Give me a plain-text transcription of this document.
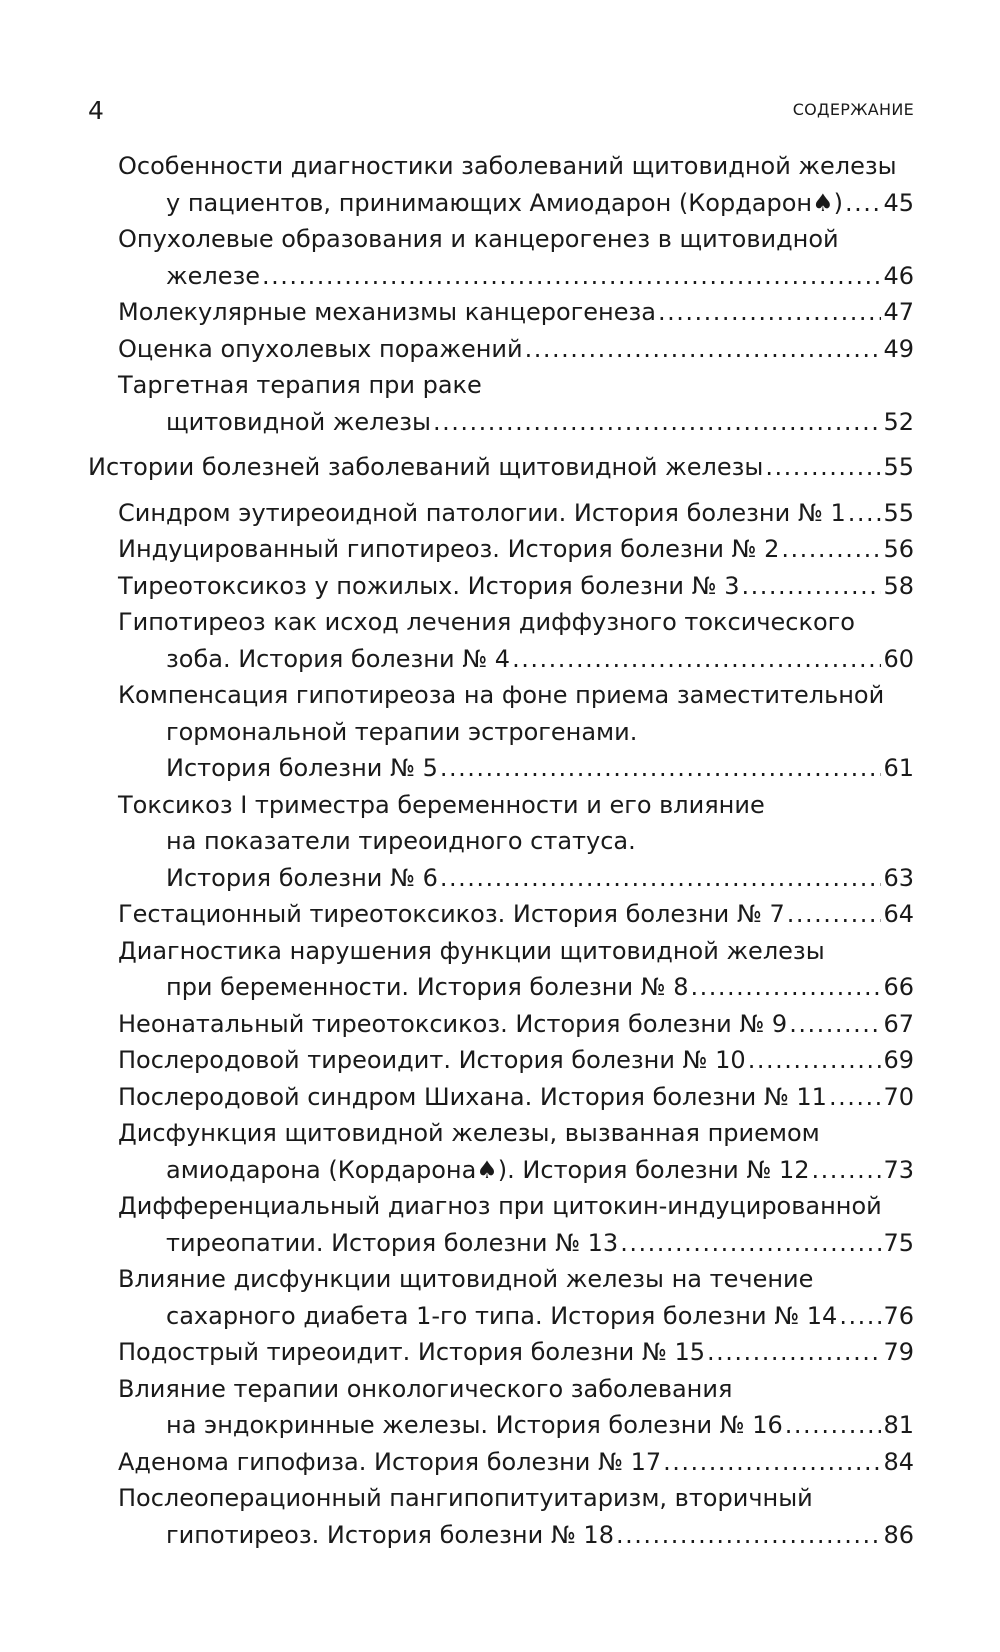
4	СОДЕРЖАНИЕ
Особенности диагностики заболеваний щитовидной железы
у пациентов, принимающих Амиодарон (Кордарон♠) ..... 45
Опухолевые образования и канцерогенез в щитовидной
железе .....	46
Молекулярные механизмы канцерогенеза .....	47
Оценка опухолевых поражений .....	49
Таргетная терапия при раке
щитовидной железы .....	52
Истории болезней заболеваний щитовидной железы .....	55
Синдром эутиреоидной патологии. История болезни № 1 ..... 55
Индуцированный гипотиреоз. История болезни № 2 .....	56
Тиреотоксикоз у пожилых. История болезни № 3 .....	58
Гипотиреоз как исход лечения диффузного токсического
зоба. История болезни № 4 .....	60
Компенсация гипотиреоза на фоне приема заместительной
гормональной терапии эстрогенами.
История болезни № 5 .....	61
Токсикоз I триместра беременности и его влияние
на показатели тиреоидного статуса.
История болезни № 6 .....	63
Гестационный тиреотоксикоз. История болезни № 7 .....	64
Диагностика нарушения функции щитовидной железы
при беременности. История болезни № 8 .....	66
Неонатальный тиреотоксикоз. История болезни № 9 .....	67
Послеродовой тиреоидит. История болезни № 10 .....	69
Послеродовой синдром Шихана. История болезни № 11 ..... 70
Дисфункция щитовидной железы, вызванная приемом
амиодарона (Кордарона♠). История болезни № 12 .....	73
Дифференциальный диагноз при цитокин-индуцированной
тиреопатии. История болезни № 13 .....	75
Влияние дисфункции щитовидной железы на течение
сахарного диабета 1-го типа. История болезни № 14 ..... 76
Подострый тиреоидит. История болезни № 15 .....	79
Влияние терапии онкологического заболевания
на эндокринные железы. История болезни № 16 .....	81
Аденома гипофиза. История болезни № 17 .....	84
Послеоперационный пангипопитуитаризм, вторичный
гипотиреоз. История болезни № 18 .....	86
